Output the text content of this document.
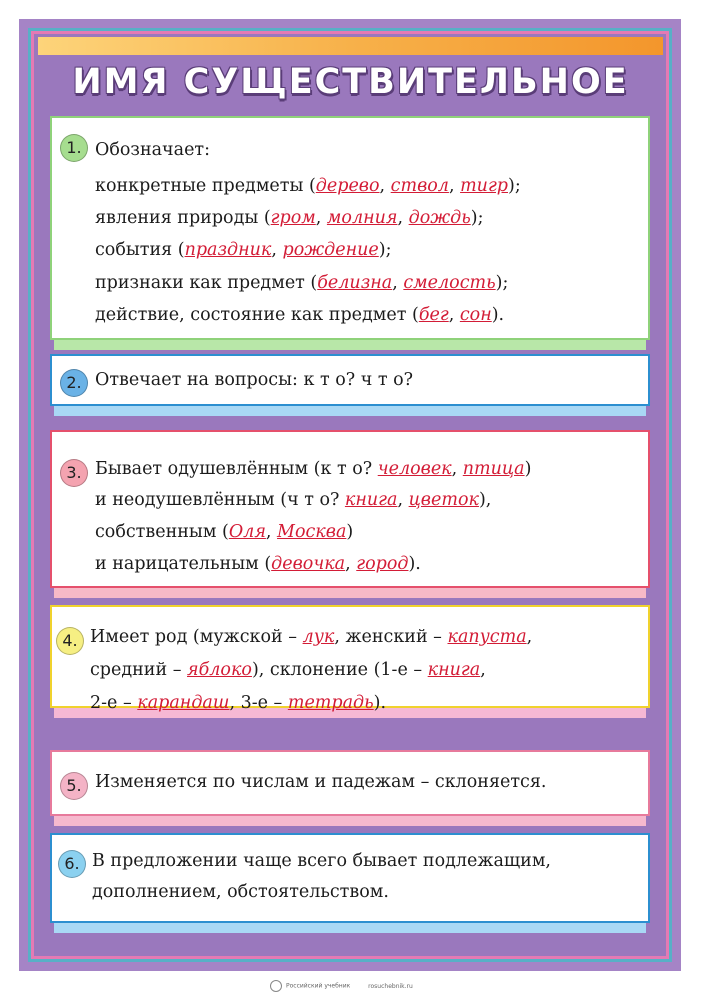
ИМЯ СУЩЕСТВИТЕЛЬНОЕ
1. Обозначает:
конкретные предметы (дерево, ствол, тигр);
явления природы (гром, молния, дождь);
события (праздник, рождение);
признаки как предмет (белизна, смелость);
действие, состояние как предмет (бег, сон).
2. Отвечает на вопросы: к т о? ч т о?
3. Бывает одушевлённым (к т о? человек, птица)
и неодушевлённым (ч т о? книга, цветок),
собственным (Оля, Москва)
и нарицательным (девочка, город).
4. Имеет род (мужской – лук, женский – капуста,
средний – яблоко), склонение (1-е – книга,
2-е – карандаш, 3-е – тетрадь).
5. Изменяется по числам и падежам – склоняется.
6. В предложении чаще всего бывает подлежащим,
дополнением, обстоятельством.
Российский учебник	rosuchebnik.ru
